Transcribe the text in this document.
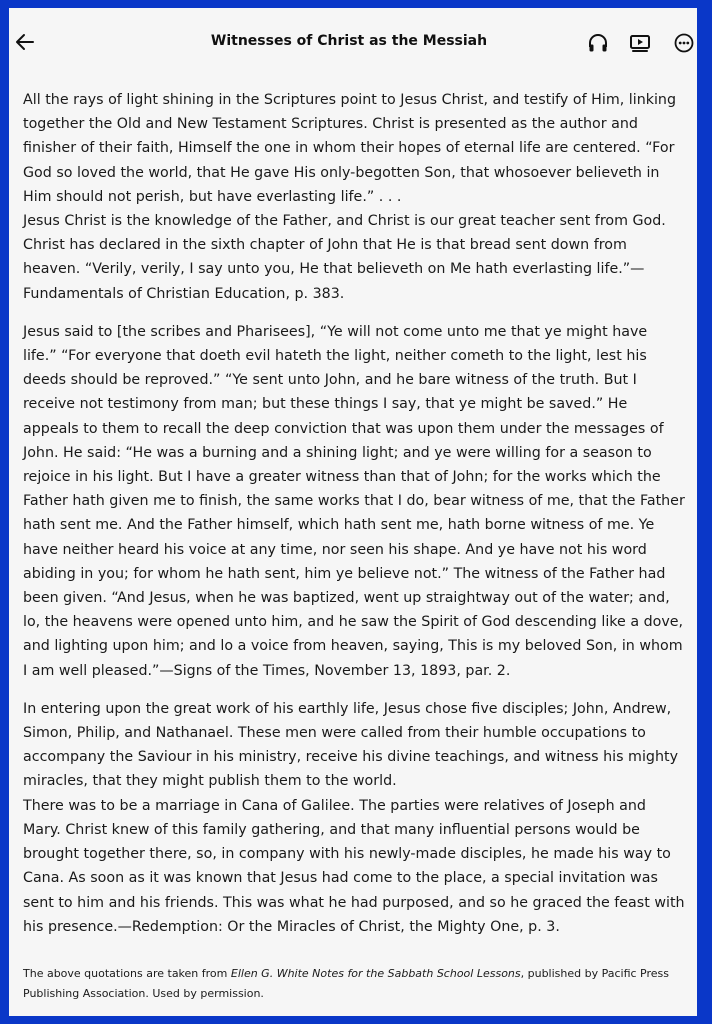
Witnesses of Christ as the Messiah

All the rays of light shining in the Scriptures point to Jesus Christ, and testify of Him, linking together the Old and New Testament Scriptures. Christ is presented as the author and finisher of their faith, Himself the one in whom their hopes of eternal life are centered. “For God so loved the world, that He gave His only-begotten Son, that whosoever believeth in Him should not perish, but have everlasting life.” . . .

Jesus Christ is the knowledge of the Father, and Christ is our great teacher sent from God. Christ has declared in the sixth chapter of John that He is that bread sent down from heaven. “Verily, verily, I say unto you, He that believeth on Me hath everlasting life.”—Fundamentals of Christian Education, p. 383.

Jesus said to [the scribes and Pharisees], “Ye will not come unto me that ye might have life.” “For everyone that doeth evil hateth the light, neither cometh to the light, lest his deeds should be reproved.” “Ye sent unto John, and he bare witness of the truth. But I receive not testimony from man; but these things I say, that ye might be saved.” He appeals to them to recall the deep conviction that was upon them under the messages of John. He said: “He was a burning and a shining light; and ye were willing for a season to rejoice in his light. But I have a greater witness than that of John; for the works which the Father hath given me to finish, the same works that I do, bear witness of me, that the Father hath sent me. And the Father himself, which hath sent me, hath borne witness of me. Ye have neither heard his voice at any time, nor seen his shape. And ye have not his word abiding in you; for whom he hath sent, him ye believe not.” The witness of the Father had been given. “And Jesus, when he was baptized, went up straightway out of the water; and, lo, the heavens were opened unto him, and he saw the Spirit of God descending like a dove, and lighting upon him; and lo a voice from heaven, saying, This is my beloved Son, in whom I am well pleased.”—Signs of the Times, November 13, 1893, par. 2.

In entering upon the great work of his earthly life, Jesus chose five disciples; John, Andrew, Simon, Philip, and Nathanael. These men were called from their humble occupations to accompany the Saviour in his ministry, receive his divine teachings, and witness his mighty miracles, that they might publish them to the world.

There was to be a marriage in Cana of Galilee. The parties were relatives of Joseph and Mary. Christ knew of this family gathering, and that many influential persons would be brought together there, so, in company with his newly-made disciples, he made his way to Cana. As soon as it was known that Jesus had come to the place, a special invitation was sent to him and his friends. This was what he had purposed, and so he graced the feast with his presence.—Redemption: Or the Miracles of Christ, the Mighty One, p. 3.

The above quotations are taken from Ellen G. White Notes for the Sabbath School Lessons, published by Pacific Press Publishing Association. Used by permission.
